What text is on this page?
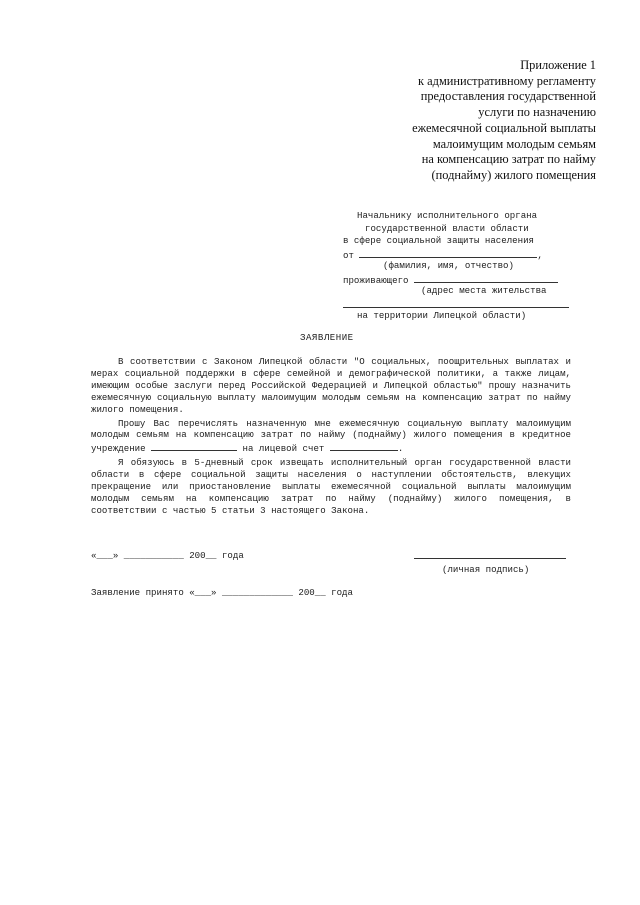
Приложение 1
к административному регламенту
предоставления государственной
услуги по назначению
ежемесячной социальной выплаты
малоимущим молодым семьям
на компенсацию затрат по найму
(поднайму) жилого помещения
Начальнику исполнительного органа
государственной власти области
в сфере социальной защиты населения
от	,
(фамилия, имя, отчество)
проживающего
(адрес места жительства
на территории Липецкой области)
ЗАЯВЛЕНИЕ

В соответствии с Законом Липецкой области "О социальных, поощрительных выплатах и мерах социальной поддержки в сфере семейной и демографической политики, а также лицам, имеющим особые заслуги перед Российской Федерацией и Липецкой областью" прошу назначить ежемесячную социальную выплату малоимущим молодым семьям на компенсацию затрат по найму жилого помещения.

Прошу Вас перечислять назначенную мне ежемесячную социальную выплату малоимущим молодым семьям на компенсацию затрат по найму (поднайму) жилого помещения в кредитное учреждение	на лицевой счет	.

Я обязуюсь в 5-дневный срок извещать исполнительный орган государственной власти области в сфере социальной защиты населения о наступлении обстоятельств, влекущих прекращение или приостановление выплаты ежемесячной социальной выплаты малоимущим молодым семьям на компенсацию затрат по найму (поднайму) жилого помещения, в соответствии с частью 5 статьи 3 настоящего Закона.

«___» ___________ 200__ года
(личная подпись)
Заявление принято «___» _____________ 200__ года
